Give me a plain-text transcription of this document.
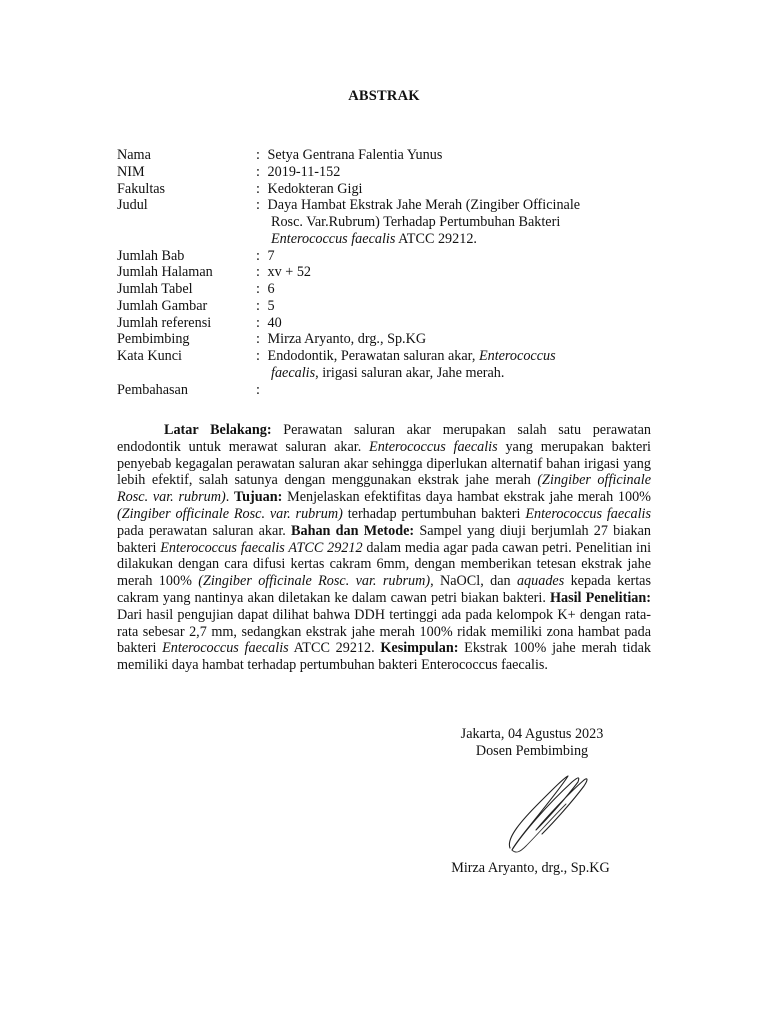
ABSTRAK
Nama	: Setya Gentrana Falentia Yunus
NIM	: 2019-11-152
Fakultas	: Kedokteran Gigi
Judul	: Daya Hambat Ekstrak Jahe Merah (Zingiber Officinale
Rosc. Var.Rubrum) Terhadap Pertumbuhan Bakteri
Enterococcus faecalis ATCC 29212.
Jumlah Bab	: 7
Jumlah Halaman	: xv + 52
Jumlah Tabel	: 6
Jumlah Gambar	: 5
Jumlah referensi	: 40
Pembimbing	: Mirza Aryanto, drg., Sp.KG
Kata Kunci	: Endodontik, Perawatan saluran akar, Enterococcus
faecalis, irigasi saluran akar, Jahe merah.
Pembahasan	:

Latar Belakang: Perawatan saluran akar merupakan salah satu perawatan endodontik untuk merawat saluran akar. Enterococcus faecalis yang merupakan bakteri penyebab kegagalan perawatan saluran akar sehingga diperlukan alternatif bahan irigasi yang lebih efektif, salah satunya dengan menggunakan ekstrak jahe merah (Zingiber officinale Rosc. var. rubrum). Tujuan: Menjelaskan efektifitas daya hambat ekstrak jahe merah 100% (Zingiber officinale Rosc. var. rubrum) terhadap pertumbuhan bakteri Enterococcus faecalis pada perawatan saluran akar. Bahan dan Metode: Sampel yang diuji berjumlah 27 biakan bakteri Enterococcus faecalis ATCC 29212 dalam media agar pada cawan petri. Penelitian ini dilakukan dengan cara difusi kertas cakram 6mm, dengan memberikan tetesan ekstrak jahe merah 100% (Zingiber officinale Rosc. var. rubrum), NaOCl, dan aquades kepada kertas cakram yang nantinya akan diletakan ke dalam cawan petri biakan bakteri. Hasil Penelitian: Dari hasil pengujian dapat dilihat bahwa DDH tertinggi ada pada kelompok K+ dengan rata-rata sebesar 2,7 mm, sedangkan ekstrak jahe merah 100% ridak memiliki zona hambat pada bakteri Enterococcus faecalis ATCC 29212. Kesimpulan: Ekstrak 100% jahe merah tidak memiliki daya hambat terhadap pertumbuhan bakteri Enterococcus faecalis.

Jakarta, 04 Agustus 2023
Dosen Pembimbing
Mirza Aryanto, drg., Sp.KG
